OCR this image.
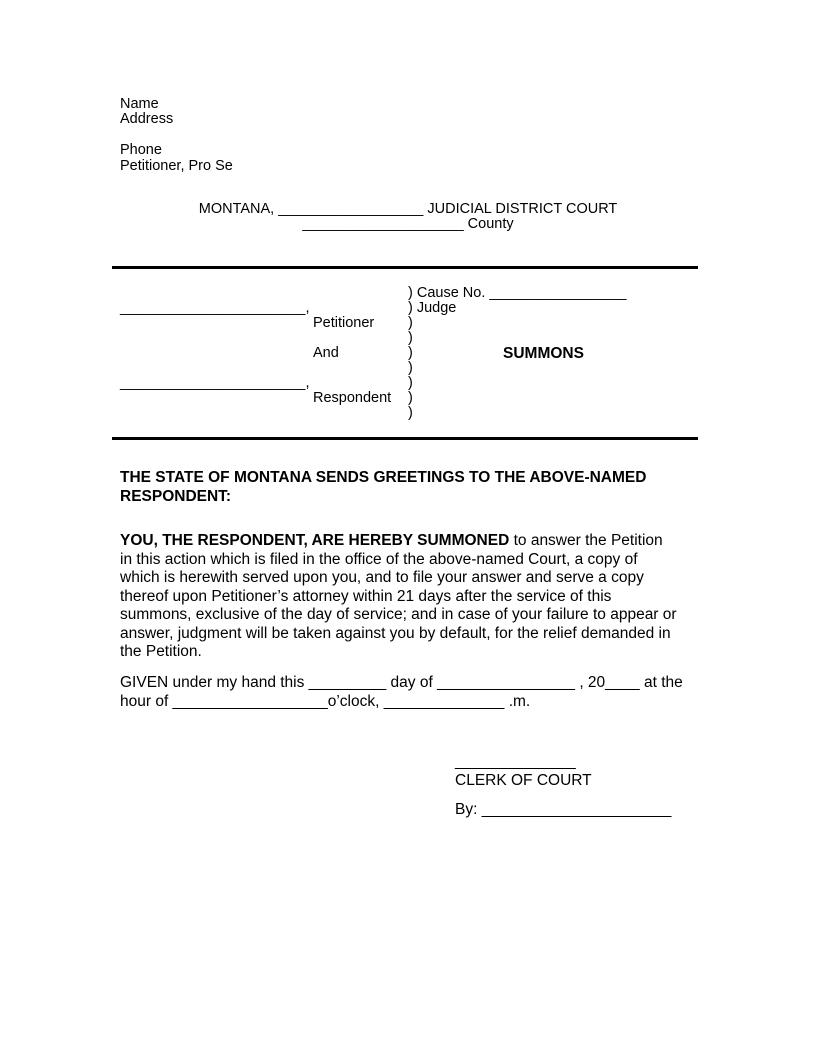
Name
Address
Phone
Petitioner, Pro Se
MONTANA, __________________ JUDICIAL DISTRICT COURT
____________________ County
_______________________,
Petitioner
And
_______________________,
Respondent
) Cause No. _________________
) Judge
)
)
)
)
)
)
)
SUMMONS
THE STATE OF MONTANA SENDS GREETINGS TO THE ABOVE-NAMED
RESPONDENT:
YOU, THE RESPONDENT, ARE HEREBY SUMMONED to answer the Petition
in this action which is filed in the office of the above-named Court, a copy of
which is herewith served upon you, and to file your answer and serve a copy
thereof upon Petitioner’s attorney within 21 days after the service of this
summons, exclusive of the day of service; and in case of your failure to appear or
answer, judgment will be taken against you by default, for the relief demanded in
the Petition.
GIVEN under my hand this _________ day of ________________ , 20____ at the
hour of __________________o’clock, ______________ .m.
______________
CLERK OF COURT
By: ______________________
